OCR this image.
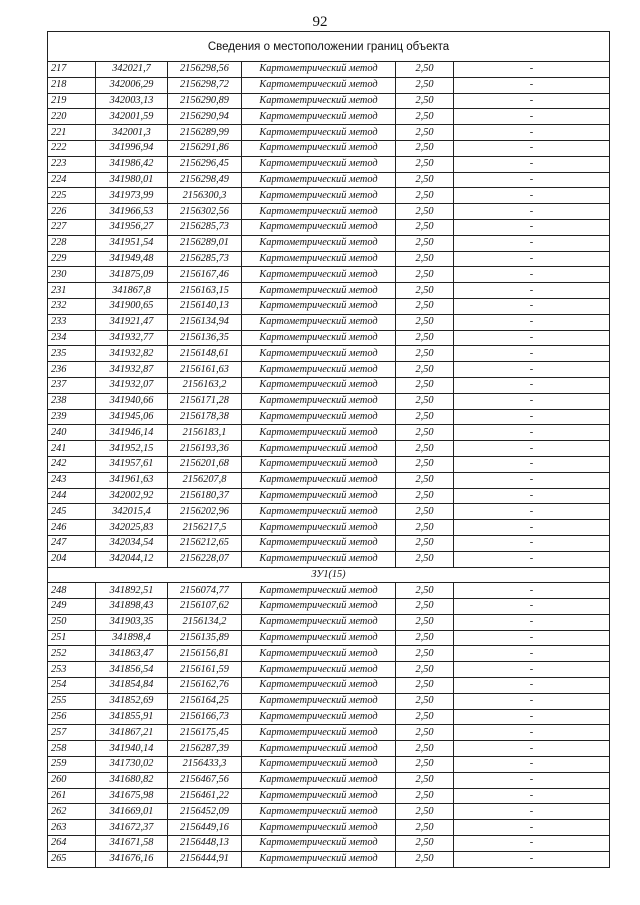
92
Сведения о местоположении границ объекта					
217	342021,7	2156298,56	Картометрический метод	2,50	-
218	342006,29	2156298,72	Картометрический метод	2,50	-
219	342003,13	2156290,89	Картометрический метод	2,50	-
220	342001,59	2156290,94	Картометрический метод	2,50	-
221	342001,3	2156289,99	Картометрический метод	2,50	-
222	341996,94	2156291,86	Картометрический метод	2,50	-
223	341986,42	2156296,45	Картометрический метод	2,50	-
224	341980,01	2156298,49	Картометрический метод	2,50	-
225	341973,99	2156300,3	Картометрический метод	2,50	-
226	341966,53	2156302,56	Картометрический метод	2,50	-
227	341956,27	2156285,73	Картометрический метод	2,50	-
228	341951,54	2156289,01	Картометрический метод	2,50	-
229	341949,48	2156285,73	Картометрический метод	2,50	-
230	341875,09	2156167,46	Картометрический метод	2,50	-
231	341867,8	2156163,15	Картометрический метод	2,50	-
232	341900,65	2156140,13	Картометрический метод	2,50	-
233	341921,47	2156134,94	Картометрический метод	2,50	-
234	341932,77	2156136,35	Картометрический метод	2,50	-
235	341932,82	2156148,61	Картометрический метод	2,50	-
236	341932,87	2156161,63	Картометрический метод	2,50	-
237	341932,07	2156163,2	Картометрический метод	2,50	-
238	341940,66	2156171,28	Картометрический метод	2,50	-
239	341945,06	2156178,38	Картометрический метод	2,50	-
240	341946,14	2156183,1	Картометрический метод	2,50	-
241	341952,15	2156193,36	Картометрический метод	2,50	-
242	341957,61	2156201,68	Картометрический метод	2,50	-
243	341961,63	2156207,8	Картометрический метод	2,50	-
244	342002,92	2156180,37	Картометрический метод	2,50	-
245	342015,4	2156202,96	Картометрический метод	2,50	-
246	342025,83	2156217,5	Картометрический метод	2,50	-
247	342034,54	2156212,65	Картометрический метод	2,50	-
204	342044,12	2156228,07	Картометрический метод	2,50	-
ЗУ1(15)					
248	341892,51	2156074,77	Картометрический метод	2,50	-
249	341898,43	2156107,62	Картометрический метод	2,50	-
250	341903,35	2156134,2	Картометрический метод	2,50	-
251	341898,4	2156135,89	Картометрический метод	2,50	-
252	341863,47	2156156,81	Картометрический метод	2,50	-
253	341856,54	2156161,59	Картометрический метод	2,50	-
254	341854,84	2156162,76	Картометрический метод	2,50	-
255	341852,69	2156164,25	Картометрический метод	2,50	-
256	341855,91	2156166,73	Картометрический метод	2,50	-
257	341867,21	2156175,45	Картометрический метод	2,50	-
258	341940,14	2156287,39	Картометрический метод	2,50	-
259	341730,02	2156433,3	Картометрический метод	2,50	-
260	341680,82	2156467,56	Картометрический метод	2,50	-
261	341675,98	2156461,22	Картометрический метод	2,50	-
262	341669,01	2156452,09	Картометрический метод	2,50	-
263	341672,37	2156449,16	Картометрический метод	2,50	-
264	341671,58	2156448,13	Картометрический метод	2,50	-
265	341676,16	2156444,91	Картометрический метод	2,50	-
